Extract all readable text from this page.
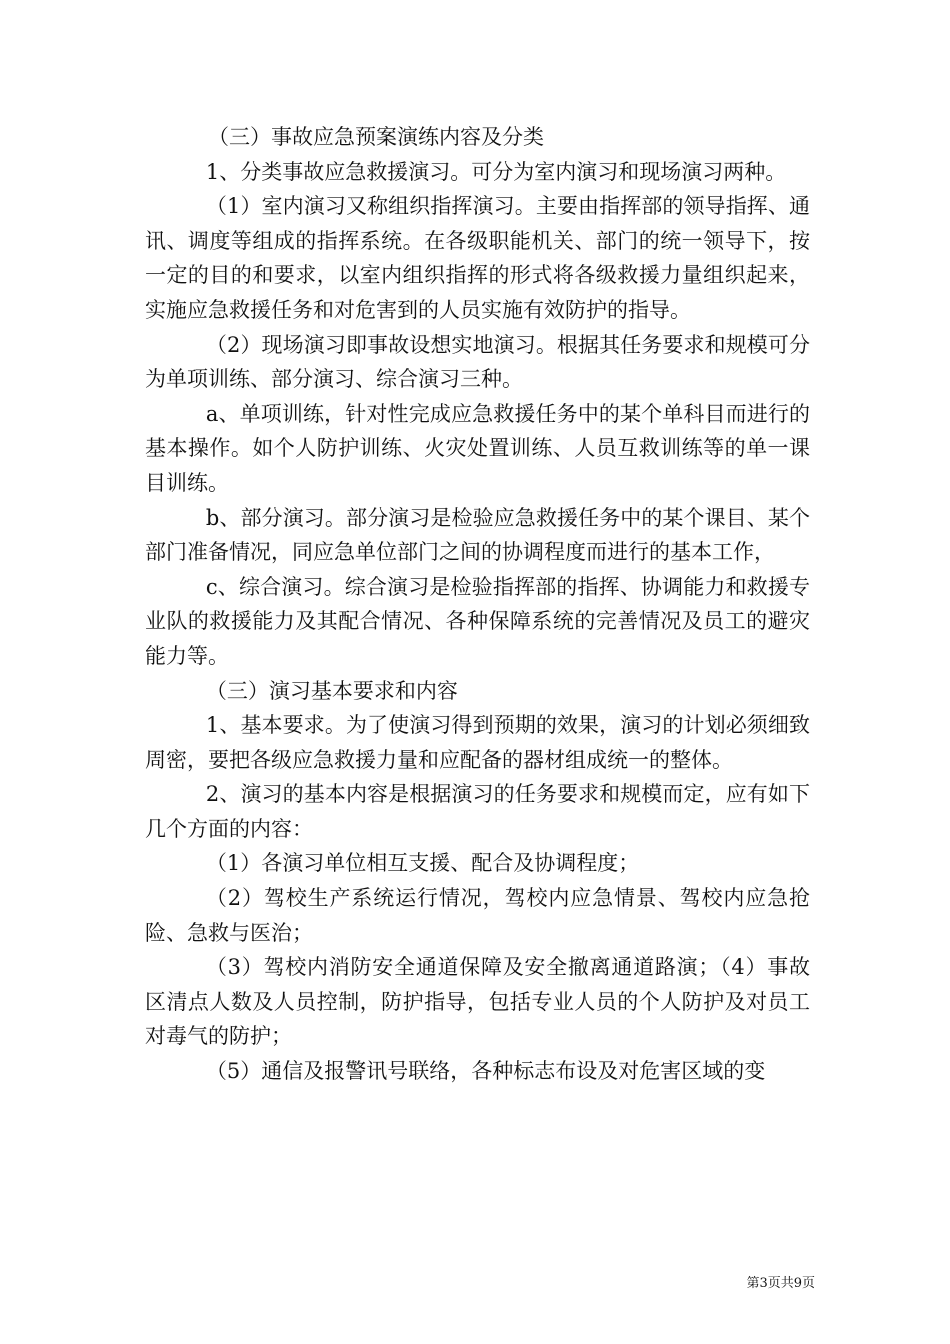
（三）事故应急预案演练内容及分类

1、分类事故应急救援演习。可分为室内演习和现场演习两种。

（1）室内演习又称组织指挥演习。主要由指挥部的领导指挥、通讯、调度等组成的指挥系统。在各级职能机关、部门的统一领导下，按一定的目的和要求，以室内组织指挥的形式将各级救援力量组织起来，实施应急救援任务和对危害到的人员实施有效防护的指导。

（2）现场演习即事故设想实地演习。根据其任务要求和规模可分为单项训练、部分演习、综合演习三种。

a、单项训练，针对性完成应急救援任务中的某个单科目而进行的基本操作。如个人防护训练、火灾处置训练、人员互救训练等的单一课目训练。

b、部分演习。部分演习是检验应急救援任务中的某个课目、某个部门准备情况，同应急单位部门之间的协调程度而进行的基本工作，

c、综合演习。综合演习是检验指挥部的指挥、协调能力和救援专业队的救援能力及其配合情况、各种保障系统的完善情况及员工的避灾能力等。

（三）演习基本要求和内容

1、基本要求。为了使演习得到预期的效果，演习的计划必须细致周密，要把各级应急救援力量和应配备的器材组成统一的整体。

2、演习的基本内容是根据演习的任务要求和规模而定，应有如下几个方面的内容：

（1）各演习单位相互支援、配合及协调程度；

（2）驾校生产系统运行情况，驾校内应急情景、驾校内应急抢险、急救与医治；

（3）驾校内消防安全通道保障及安全撤离通道路演；（4）事故区清点人数及人员控制，防护指导，包括专业人员的个人防护及对员工对毒气的防护；

（5）通信及报警讯号联络，各种标志布设及对危害区域的变

第3页共9页
